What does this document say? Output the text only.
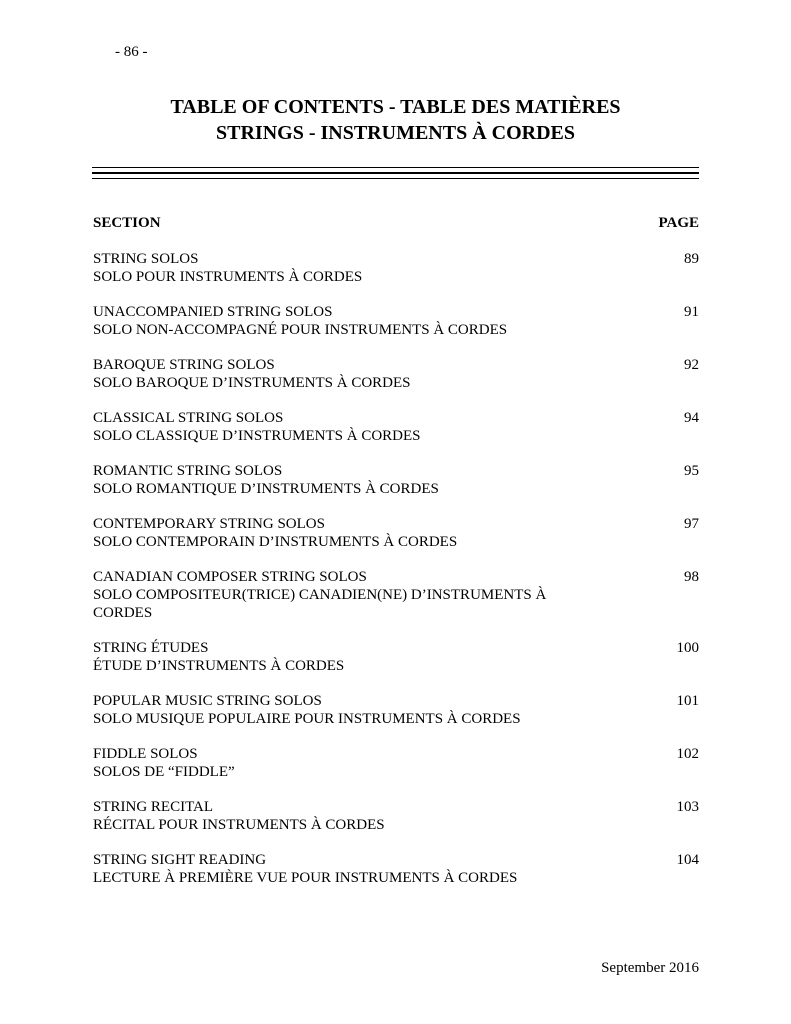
- 86 -
TABLE OF CONTENTS - TABLE DES MATIÈRES
STRINGS - INSTRUMENTS À CORDES
SECTION	PAGE
STRING SOLOS
SOLO POUR INSTRUMENTS À CORDES
89
UNACCOMPANIED STRING SOLOS
SOLO NON-ACCOMPAGNÉ POUR INSTRUMENTS À CORDES
91
BAROQUE STRING SOLOS
SOLO BAROQUE D’INSTRUMENTS À CORDES
92
CLASSICAL STRING SOLOS
SOLO CLASSIQUE D’INSTRUMENTS À CORDES
94
ROMANTIC STRING SOLOS
SOLO ROMANTIQUE D’INSTRUMENTS À CORDES
95
CONTEMPORARY STRING SOLOS
SOLO CONTEMPORAIN D’INSTRUMENTS À CORDES
97
CANADIAN COMPOSER STRING SOLOS
SOLO COMPOSITEUR(TRICE) CANADIEN(NE) D’INSTRUMENTS À
CORDES
98
STRING ÉTUDES
ÉTUDE D’INSTRUMENTS À CORDES
100
POPULAR MUSIC STRING SOLOS
SOLO MUSIQUE POPULAIRE POUR INSTRUMENTS À CORDES
101
FIDDLE SOLOS
SOLOS DE “FIDDLE”
102
STRING RECITAL
RÉCITAL POUR INSTRUMENTS À CORDES
103
STRING SIGHT READING
LECTURE À PREMIÈRE VUE POUR INSTRUMENTS À CORDES
104
September 2016
